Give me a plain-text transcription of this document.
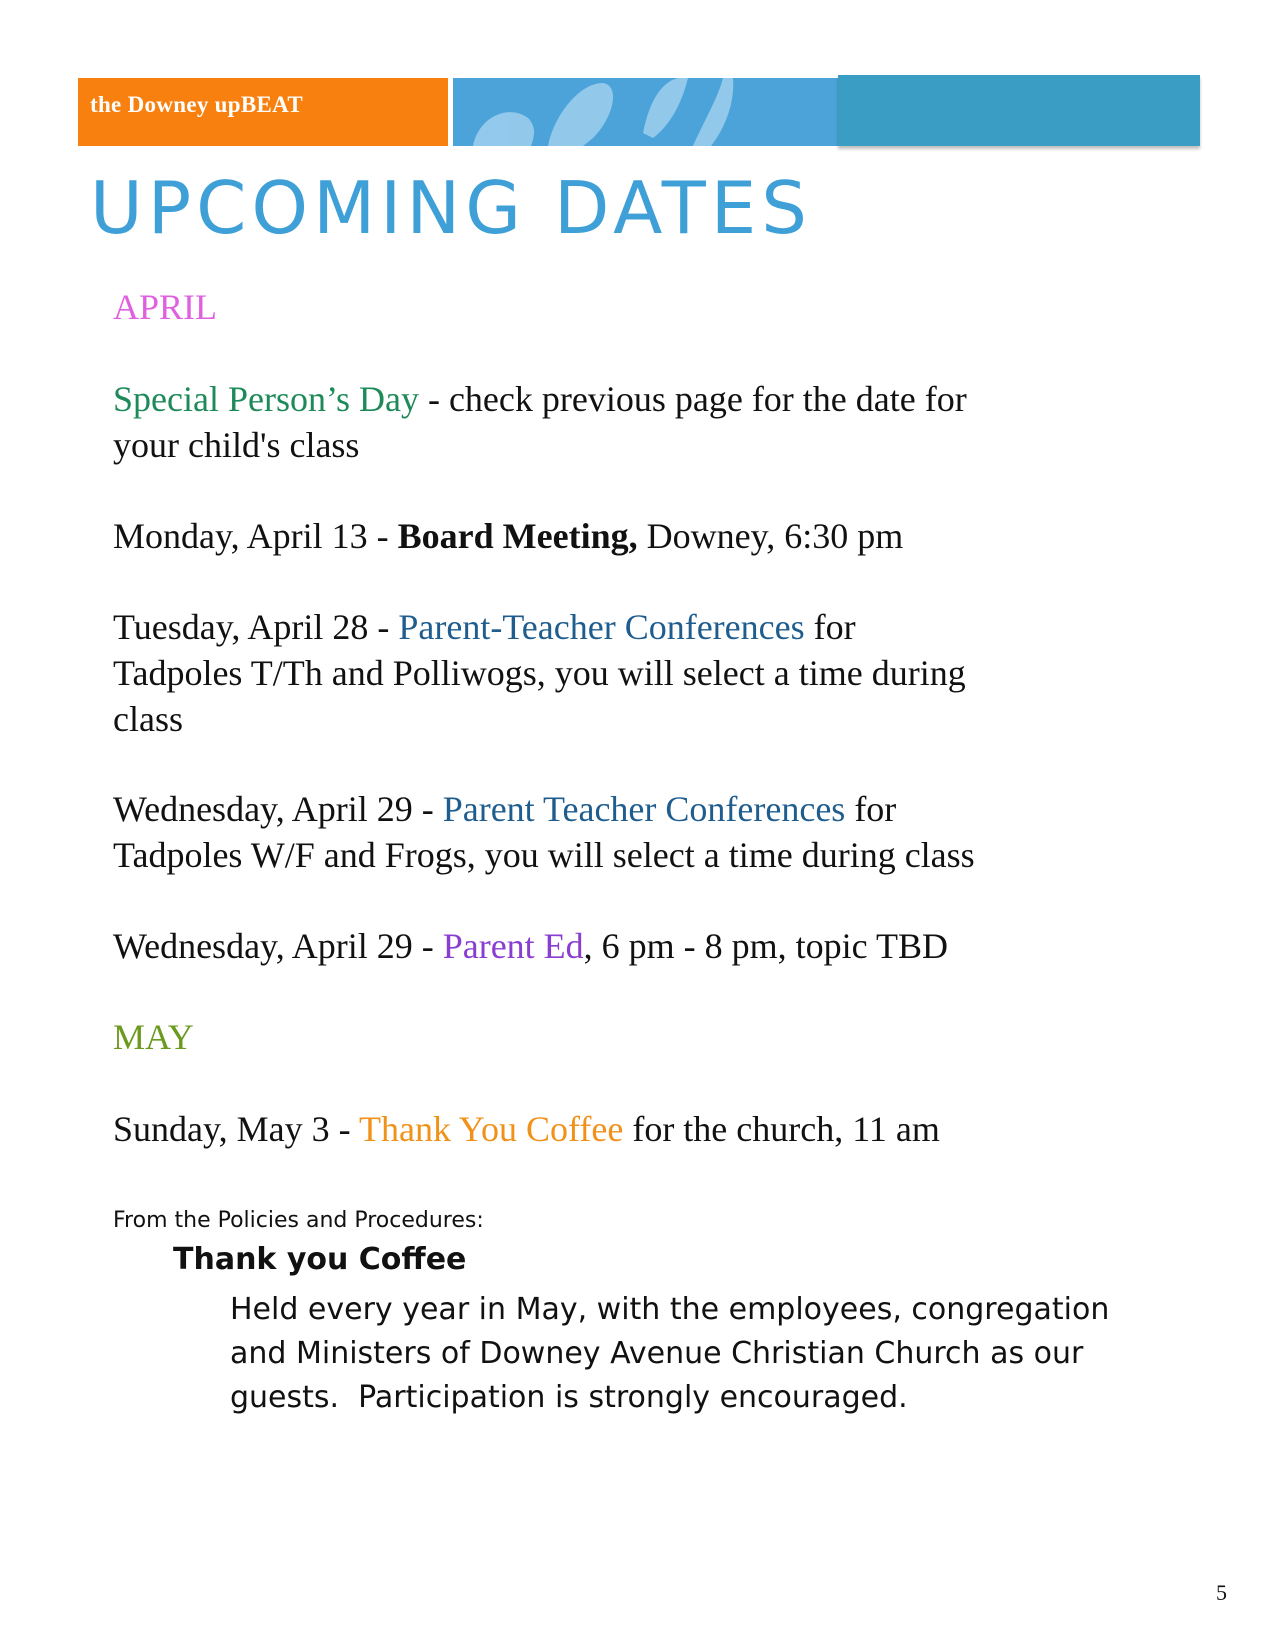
the Downey upBEAT
UPCOMING DATES

APRIL

Special Person’s Day - check previous page for the date for

your child's class

Monday, April 13 - Board Meeting, Downey, 6:30 pm

Tuesday, April 28 - Parent-Teacher Conferences for

Tadpoles T/Th and Polliwogs, you will select a time during

class

Wednesday, April 29 - Parent Teacher Conferences for

Tadpoles W/F and Frogs, you will select a time during class

Wednesday, April 29 - Parent Ed, 6 pm - 8 pm, topic TBD

MAY

Sunday, May 3 - Thank You Coffee for the church, 11 am

From the Policies and Procedures:

Thank you Coffee

Held every year in May, with the employees, congregation
and Ministers of Downey Avenue Christian Church as our
guests.  Participation is strongly encouraged.
5
